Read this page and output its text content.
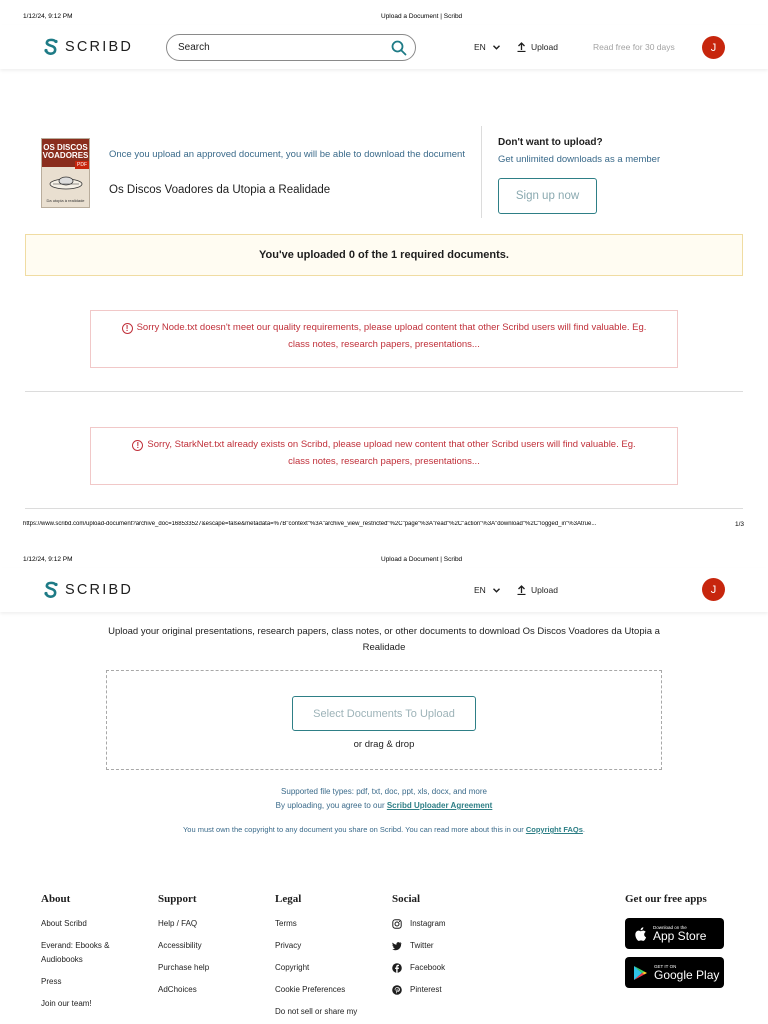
1/12/24, 9:12 PM	Upload a Document | Scribd
SCRIBD
Search	EN	Upload	Read free for 30 days	J
OS DISCOS VOADORES
PDF
Da utopia à realidade
Once you upload an approved document, you will be able to download the document
Os Discos Voadores da Utopia a Realidade
Don't want to upload?
Get unlimited downloads as a member
Sign up now
You've uploaded 0 of the 1 required documents.
! Sorry Node.txt doesn't meet our quality requirements, please upload content that other Scribd users will find valuable. Eg. class notes, research papers, presentations...
! Sorry, StarkNet.txt already exists on Scribd, please upload new content that other Scribd users will find valuable. Eg. class notes, research papers, presentations...
https://www.scribd.com/upload-document?archive_doc=168533527&escape=false&metadata=%7B"context"%3A"archive_view_restricted"%2C"page"%3A"read"%2C"action"%3A"download"%2C"logged_in"%3Atrue...	1/3
1/12/24, 9:12 PM	Upload a Document | Scribd
SCRIBD	EN	Upload	J
Upload your original presentations, research papers, class notes, or other documents to download Os Discos Voadores da Utopia a Realidade
Select Documents To Upload
or drag & drop
Supported file types: pdf, txt, doc, ppt, xls, docx, and more
By uploading, you agree to our Scribd Uploader Agreement
You must own the copyright to any document you share on Scribd. You can read more about this in our Copyright FAQs.
About
About Scribd
Everand: Ebooks & Audiobooks
Press
Join our team!
Support
Help / FAQ
Accessibility
Purchase help
AdChoices
Legal
Terms
Privacy
Copyright
Cookie Preferences
Do not sell or share my
Social
Instagram
Twitter
Facebook
Pinterest
Get our free apps
Download on the
App Store
GET IT ON
Google Play
